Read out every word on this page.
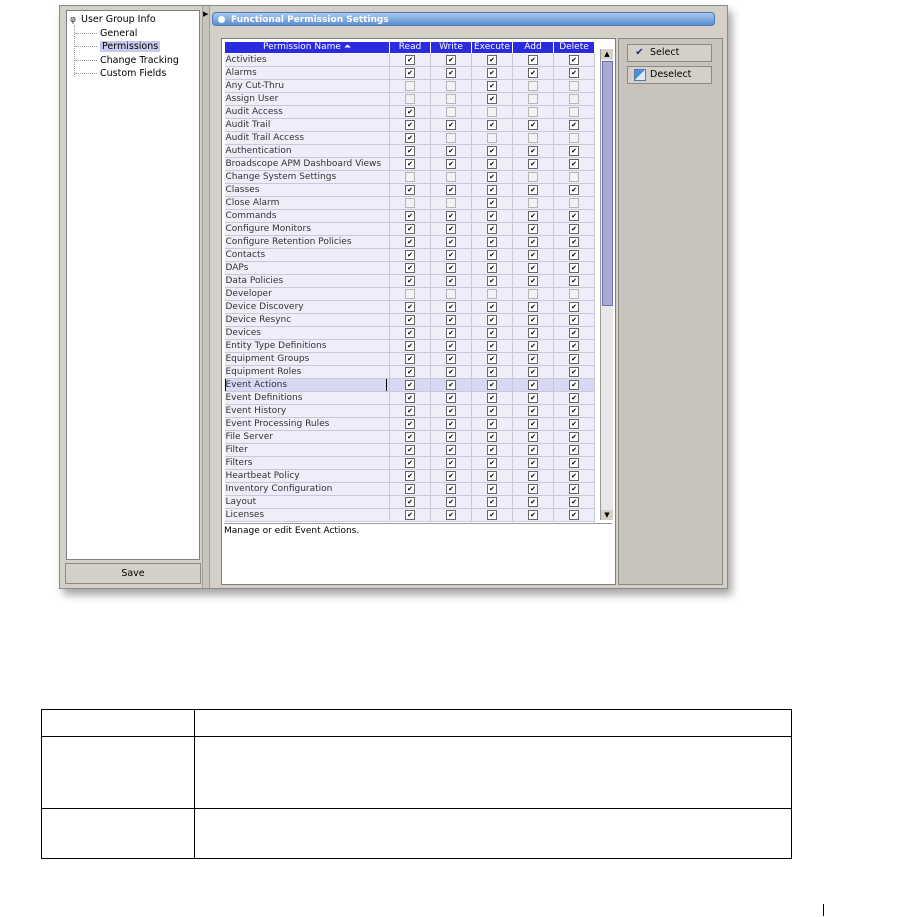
φ User Group Info
General
Permissions
Change Tracking
Custom Fields
Save
▶
Functional Permission Settings
Permission Name ⏶	Read	Write	Execute	Add	Delete
Activities	✔	✔	✔	✔	✔
Alarms	✔	✔	✔	✔	✔
Any Cut-Thru			✔		
Assign User			✔		
Audit Access	✔				
Audit Trail	✔	✔	✔	✔	✔
Audit Trail Access	✔				
Authentication	✔	✔	✔	✔	✔
Broadscope APM Dashboard Views	✔	✔	✔	✔	✔
Change System Settings			✔		
Classes	✔	✔	✔	✔	✔
Close Alarm			✔		
Commands	✔	✔	✔	✔	✔
Configure Monitors	✔	✔	✔	✔	✔
Configure Retention Policies	✔	✔	✔	✔	✔
Contacts	✔	✔	✔	✔	✔
DAPs	✔	✔	✔	✔	✔
Data Policies	✔	✔	✔	✔	✔
Developer					
Device Discovery	✔	✔	✔	✔	✔
Device Resync	✔	✔	✔	✔	✔
Devices	✔	✔	✔	✔	✔
Entity Type Definitions	✔	✔	✔	✔	✔
Equipment Groups	✔	✔	✔	✔	✔
Equipment Roles	✔	✔	✔	✔	✔

Event Actions	✔	✔	✔	✔	✔
Event Definitions	✔	✔	✔	✔	✔
Event History	✔	✔	✔	✔	✔
Event Processing Rules	✔	✔	✔	✔	✔
File Server	✔	✔	✔	✔	✔
Filter	✔	✔	✔	✔	✔
Filters	✔	✔	✔	✔	✔
Heartbeat Policy	✔	✔	✔	✔	✔
Inventory Configuration	✔	✔	✔	✔	✔
Layout	✔	✔	✔	✔	✔
Licenses	✔	✔	✔	✔	✔
▲
▼
Manage or edit Event Actions.
✔ Select
Deselect
